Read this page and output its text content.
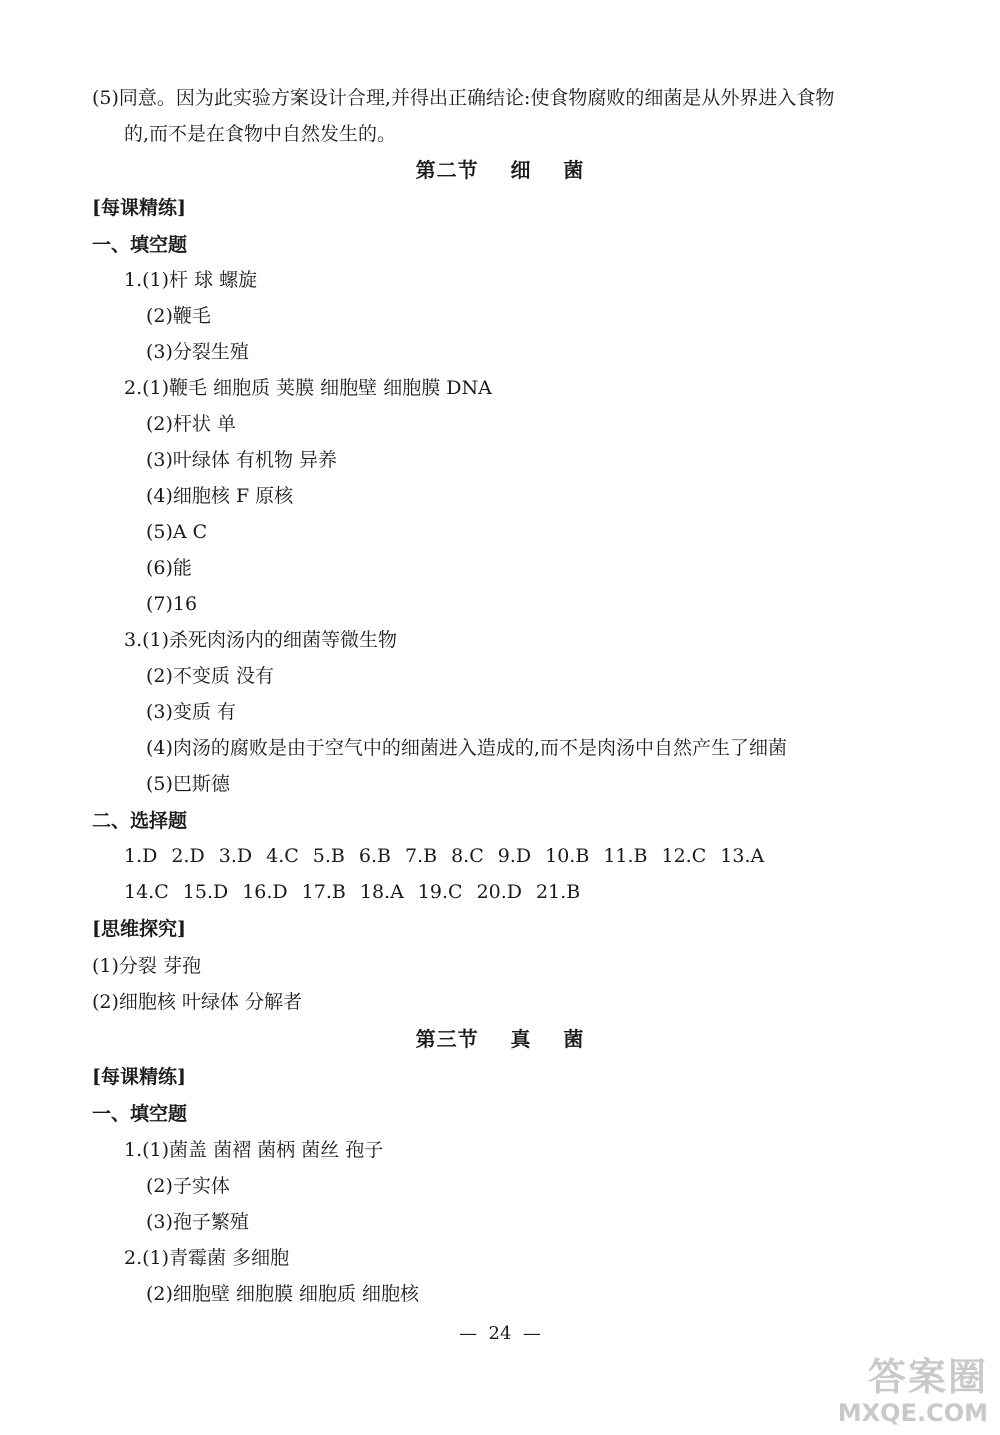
(5)同意。因为此实验方案设计合理,并得出正确结论:使食物腐败的细菌是从外界进入食物
的,而不是在食物中自然发生的。
第二节    细    菌
[每课精练]
一、填空题
1.(1)杆 球 螺旋
(2)鞭毛
(3)分裂生殖
2.(1)鞭毛 细胞质 荚膜 细胞壁 细胞膜 DNA
(2)杆状 单
(3)叶绿体 有机物 异养
(4)细胞核 F 原核
(5)A C
(6)能
(7)16
3.(1)杀死肉汤内的细菌等微生物
(2)不变质 没有
(3)变质 有
(4)肉汤的腐败是由于空气中的细菌进入造成的,而不是肉汤中自然产生了细菌
(5)巴斯德
二、选择题
1.D 2.D 3.D 4.C 5.B 6.B 7.B 8.C 9.D 10.B 11.B 12.C 13.A
14.C 15.D 16.D 17.B 18.A 19.C 20.D 21.B
[思维探究]
(1)分裂 芽孢
(2)细胞核 叶绿体 分解者
第三节    真    菌
[每课精练]
一、填空题
1.(1)菌盖 菌褶 菌柄 菌丝 孢子
(2)子实体
(3)孢子繁殖
2.(1)青霉菌 多细胞
(2)细胞壁 细胞膜 细胞质 细胞核
—  24  —
答案圈
MXQE.COM
